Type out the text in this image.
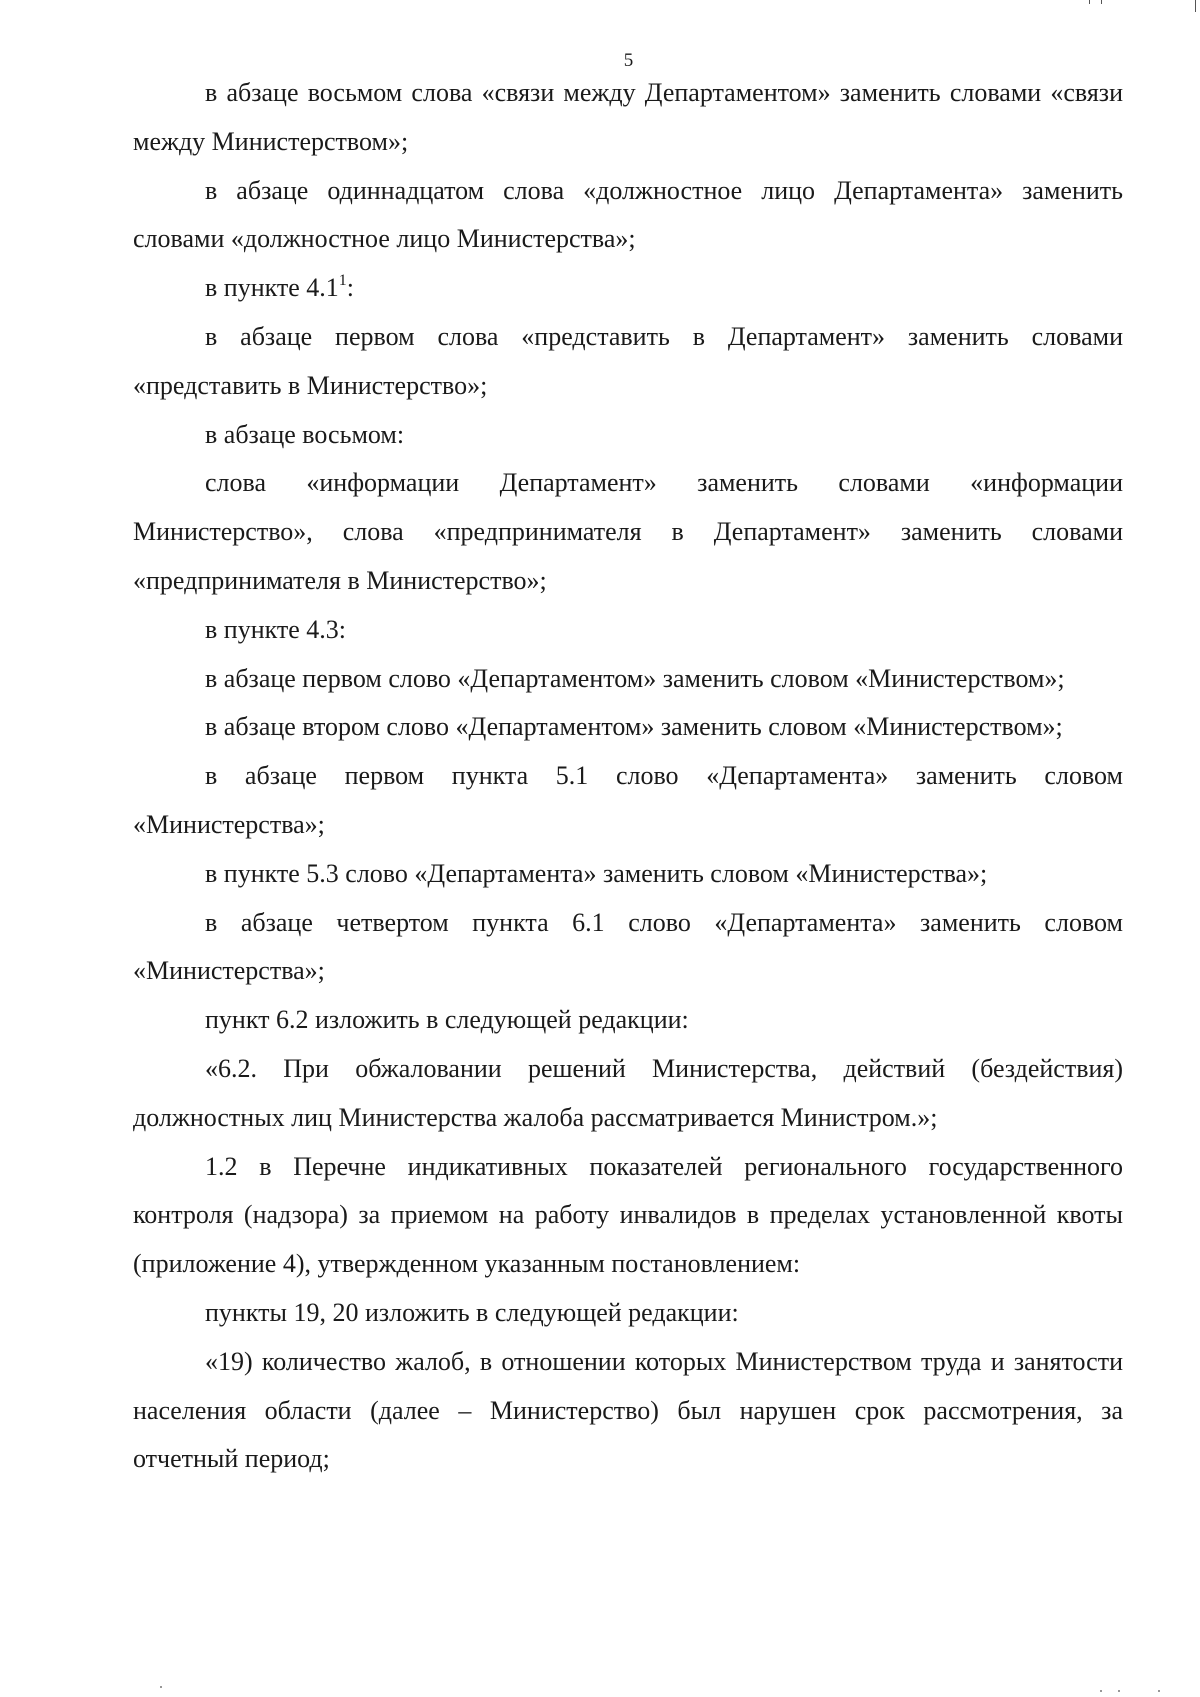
5

в абзаце восьмом слова «связи между Департаментом» заменить словами «связи между Министерством»;

в абзаце одиннадцатом слова «должностное лицо Департамента» заменить словами «должностное лицо Министерства»;

в пункте $4.1^1$:

в абзаце первом слова «представить в Департамент» заменить словами «представить в Министерство»;

в абзаце восьмом:

слова «информации Департамент» заменить словами «информации Министерство», слова «предпринимателя в Департамент» заменить словами «предпринимателя в Министерство»;

в пункте 4.3:

в абзаце первом слово «Департаментом» заменить словом «Министерством»;

в абзаце втором слово «Департаментом» заменить словом «Министерством»;

в абзаце первом пункта 5.1 слово «Департамента» заменить словом «Министерства»;

в пункте 5.3 слово «Департамента» заменить словом «Министерства»;

в абзаце четвертом пункта 6.1 слово «Департамента» заменить словом «Министерства»;

пункт 6.2 изложить в следующей редакции:

«6.2. При обжаловании решений Министерства, действий (бездействия) должностных лиц Министерства жалоба рассматривается Министром.»;

1.2 в Перечне индикативных показателей регионального государственного контроля (надзора) за приемом на работу инвалидов в пределах установленной квоты (приложение 4), утвержденном указанным постановлением:

пункты 19, 20 изложить в следующей редакции:

«19) количество жалоб, в отношении которых Министерством труда и занятости населения области (далее – Министерство) был нарушен срок рассмотрения, за отчетный период;
